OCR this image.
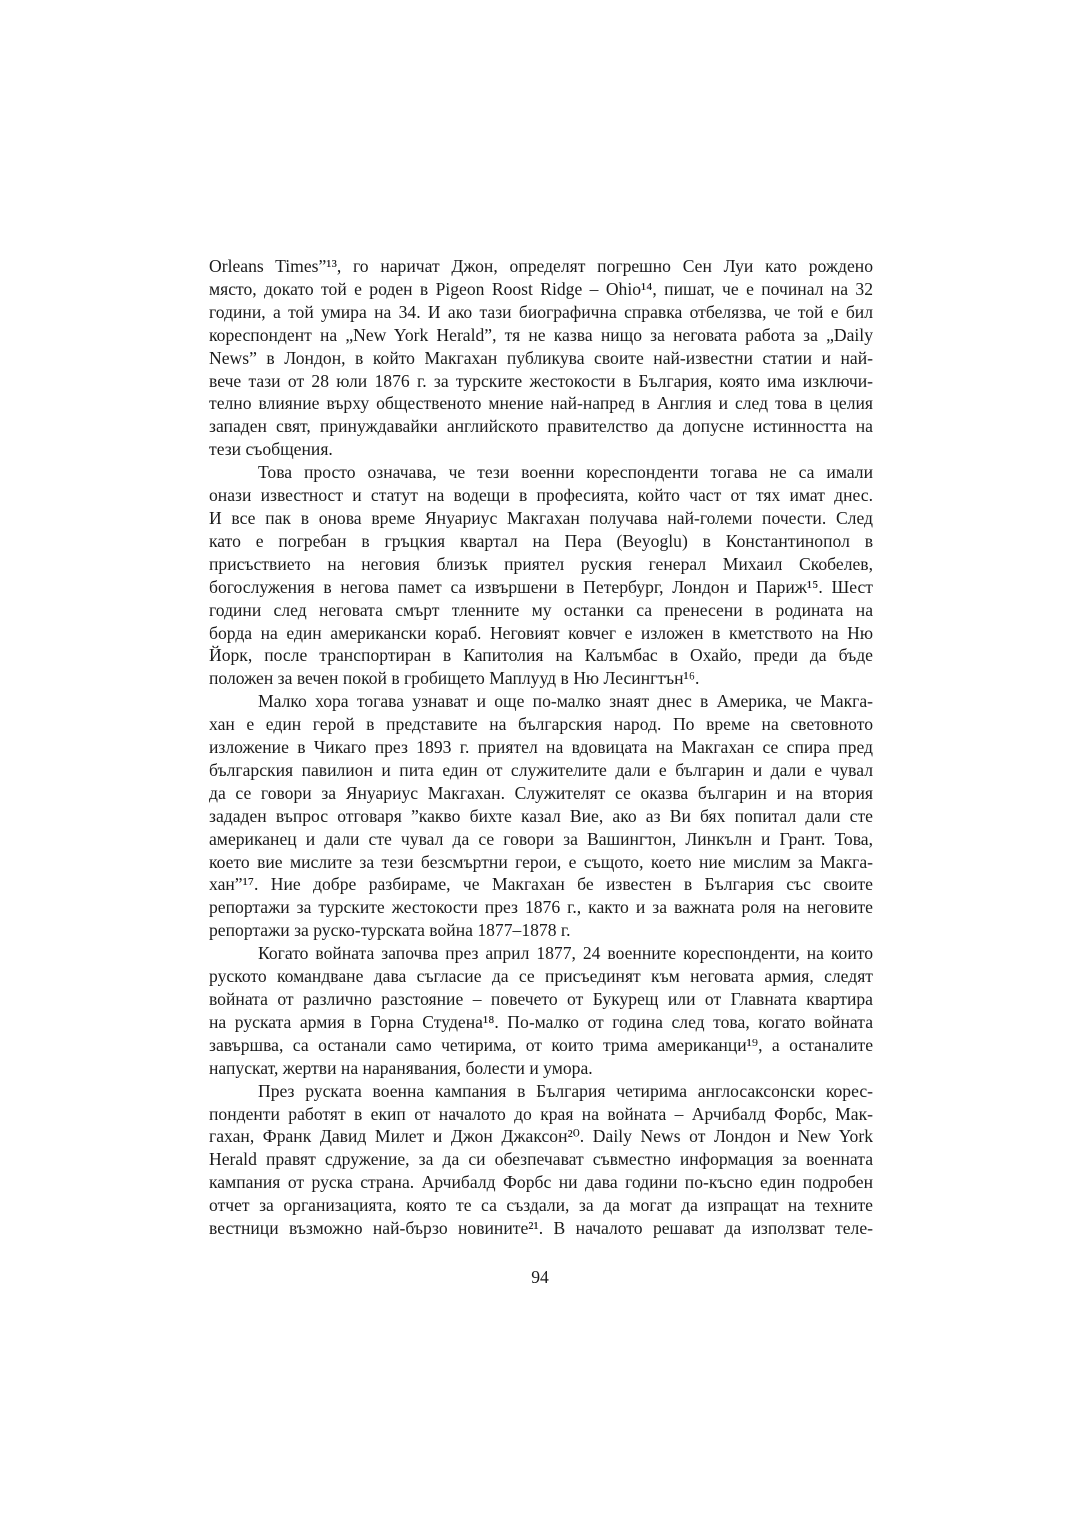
Orleans Times”¹³, го наричат Джон, определят погрешно Сен Луи като рождено
място, докато той е роден в Pigeon Roost Ridge – Ohio¹⁴, пишат, че е починал на 32
години, а той умира на 34. И ако тази биографична справка отбелязва, че той е бил
кореспондент на „New York Herald”, тя не казва нищо за неговата работа за „Daily
News” в Лондон, в който Макгахан публикува своите най-известни статии и най-
вече тази от 28 юли 1876 г. за турските жестокости в България, която има изключи-
телно влияние върху общественото мнение най-напред в Англия и след това в целия
западен свят, принуждавайки английското правителство да допусне истинността на
тези съобщения.

Това просто означава, че тези военни кореспонденти тогава не са имали
онази известност и статут на водещи в професията, който част от тях имат днес.
И все пак в онова време Януариус Макгахан получава най-големи почести. След
като е погребан в гръцкия квартал на Пера (Beyoglu) в Константинопол в
присъствието на неговия близък приятел руския генерал Михаил Скобелев,
богослужения в негова памет са извършени в Петербург, Лондон и Париж¹⁵. Шест
години след неговата смърт тленните му останки са пренесени в родината на
борда на един американски кораб. Неговият ковчег е изложен в кметството на Ню
Йорк, после транспортиран в Капитолия на Калъмбас в Охайо, преди да бъде
положен за вечен покой в гробището Маплууд в Ню Лесингтън¹⁶.

Малко хора тогава узнават и още по-малко знаят днес в Америка, че Макга-
хан е един герой в представите на българския народ. По време на световното
изложение в Чикаго през 1893 г. приятел на вдовицата на Макгахан се спира пред
българския павилион и пита един от служителите дали е българин и дали е чувал
да се говори за Януариус Макгахан. Служителят се оказва българин и на втория
зададен въпрос отговаря ”какво бихте казал Вие, ако аз Ви бях попитал дали сте
американец и дали сте чувал да се говори за Вашингтон, Линкълн и Грант. Това,
което вие мислите за тези безсмъртни герои, е същото, което ние мислим за Макга-
хан”¹⁷. Ние добре разбираме, че Макгахан бе известен в България със своите
репортажи за турските жестокости през 1876 г., както и за важната роля на неговите
репортажи за руско-турската война 1877–1878 г.

Когато войната започва през април 1877, 24 военните кореспонденти, на които
руското командване дава съгласие да се присъединят към неговата армия, следят
войната от различно разстояние – повечето от Букурещ или от Главната квартира
на руската армия в Горна Студена¹⁸. По-малко от година след това, когато войната
завършва, са останали само четирима, от които трима американци¹⁹, а останалите
напускат, жертви на наранявания, болести и умора.

През руската военна кампания в България четирима англосаксонски корес-
понденти работят в екип от началото до края на войната – Арчибалд Форбс, Мак-
гахан, Франк Давид Милет и Джон Джаксон²⁰. Daily News от Лондон и New York
Herald правят сдружение, за да си обезпечават съвместно информация за военната
кампания от руска страна. Арчибалд Форбс ни дава години по-късно един подробен
отчет за организацията, която те са създали, за да могат да изпращат на техните
вестници възможно най-бързо новините²¹. В началото решават да използват теле-

94
